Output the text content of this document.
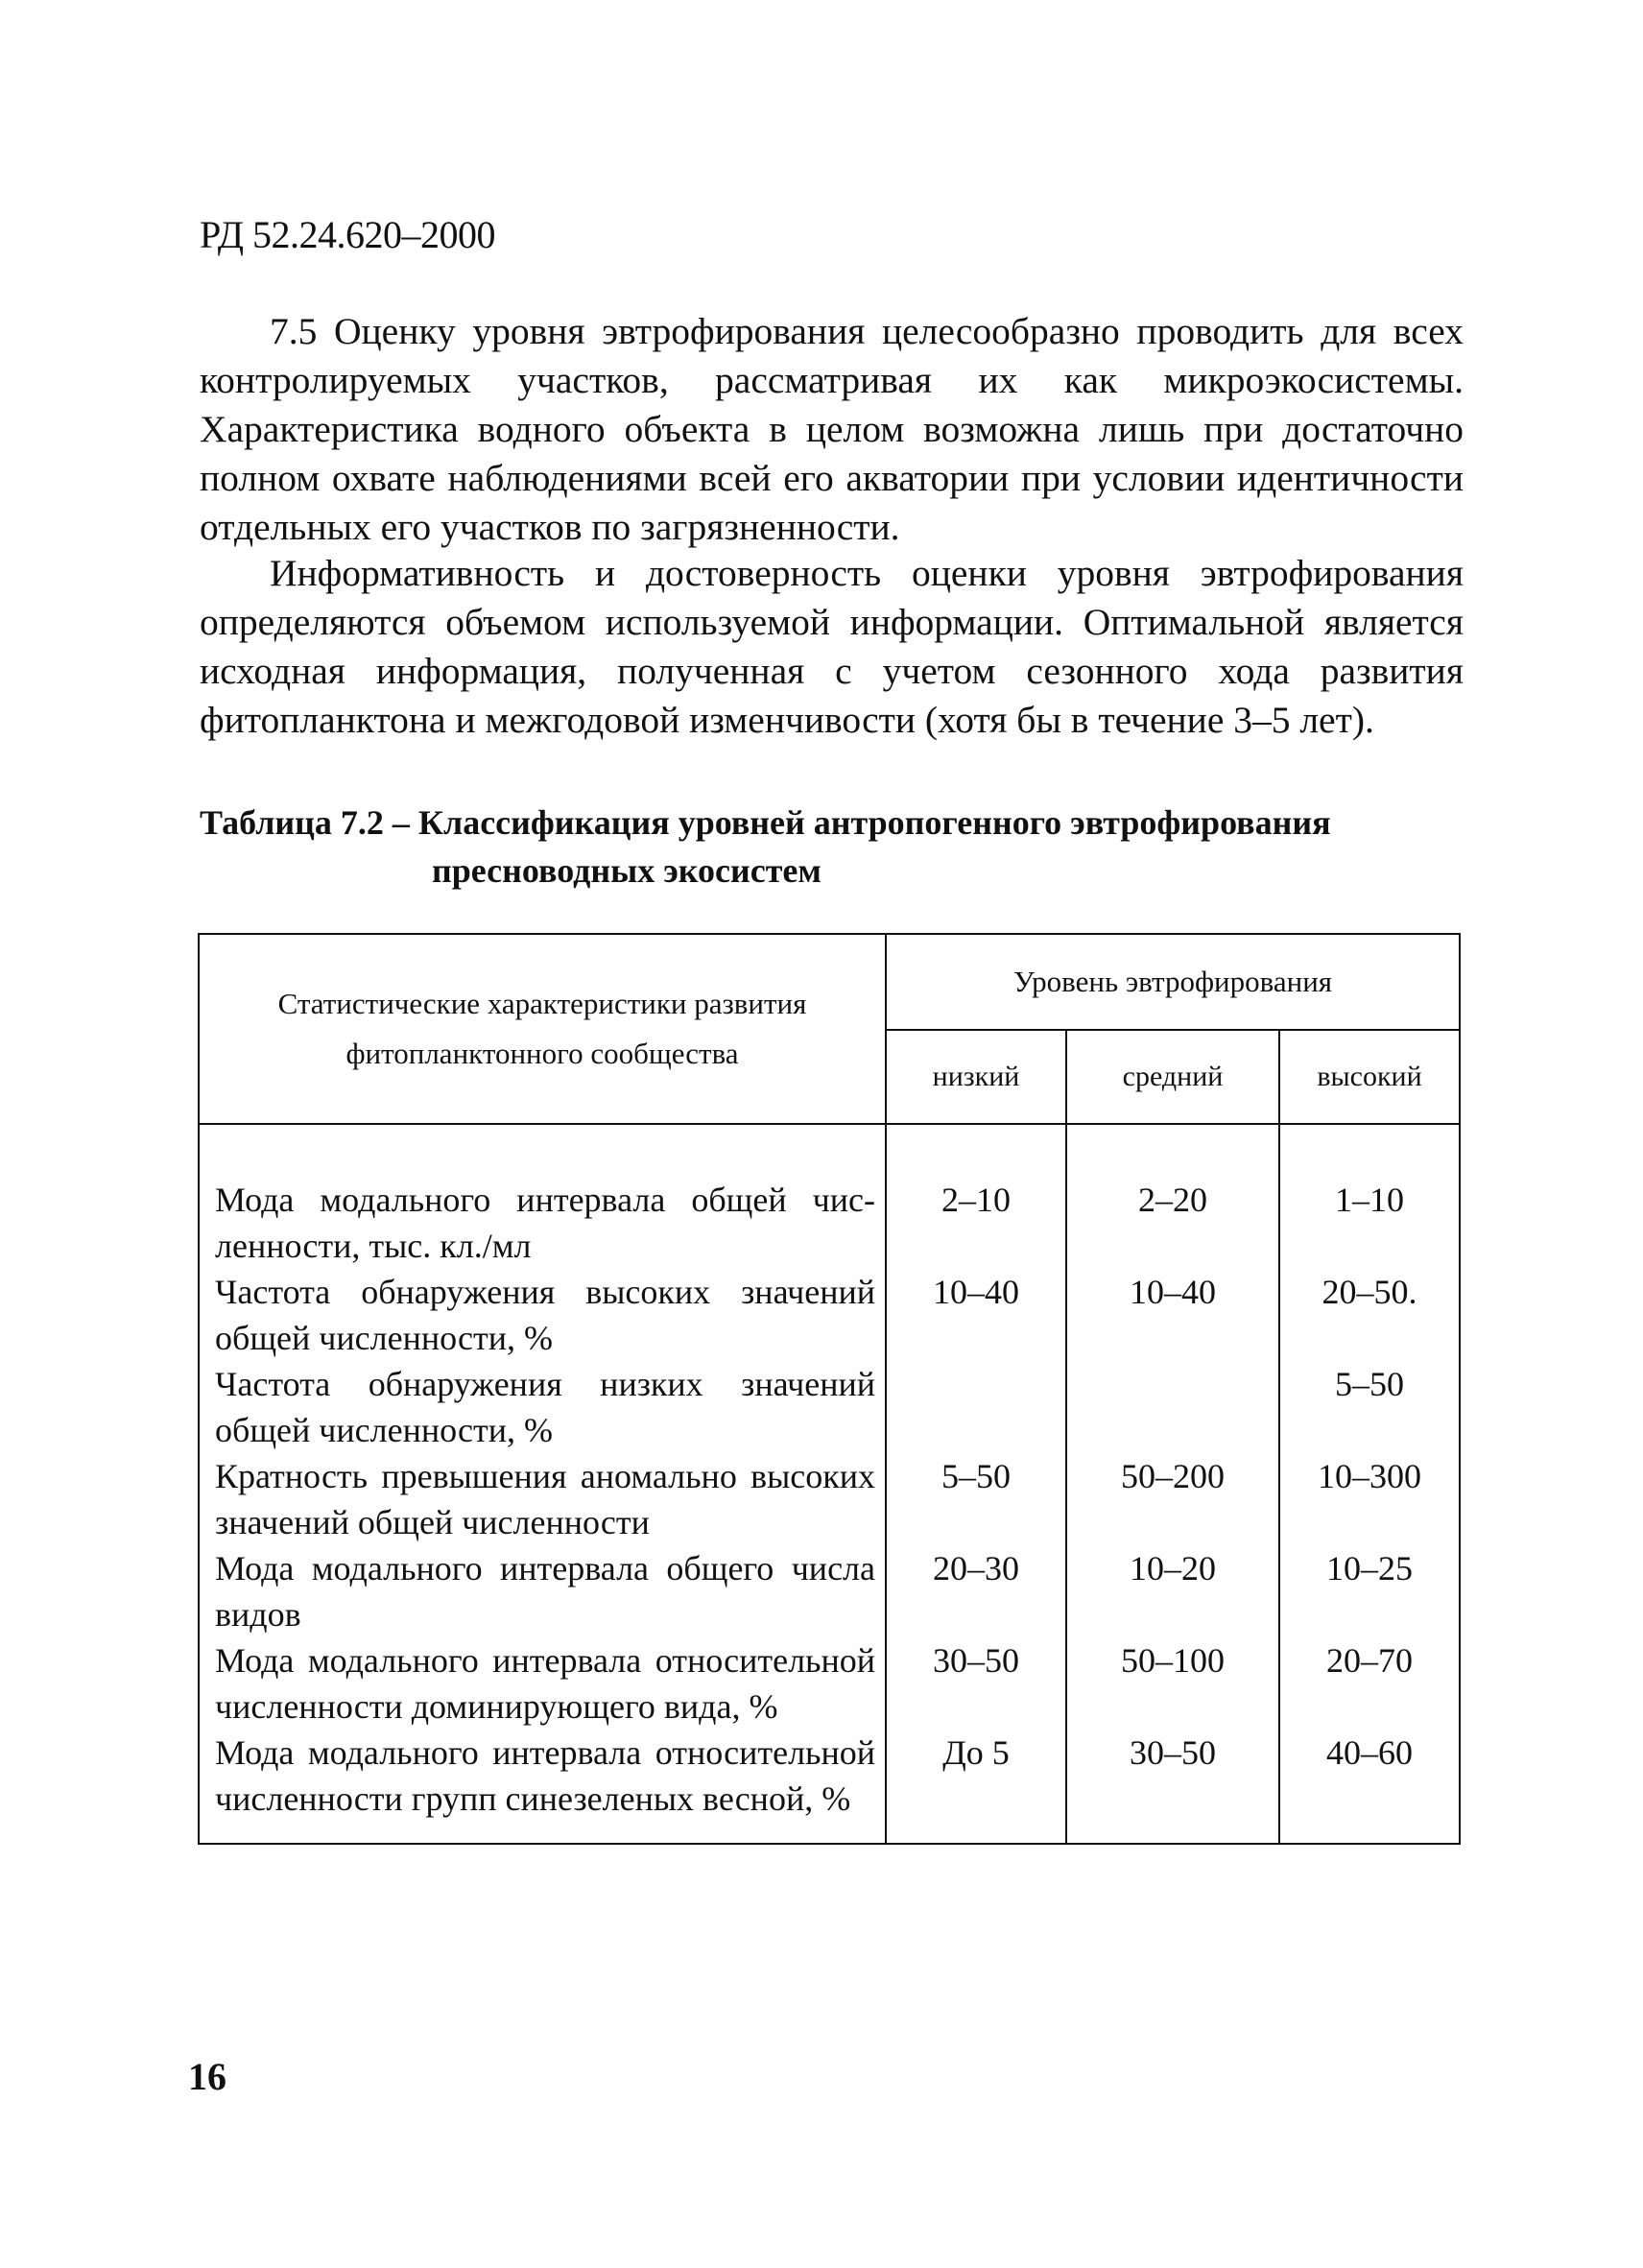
РД 52.24.620–2000

7.5 Оценку уровня эвтрофирования целесообразно проводить для всех контролируемых участков, рассматривая их как микроэкосистемы. Характеристика водного объекта в целом возможна лишь при достаточно полном охвате наблюдениями всей его акватории при условии идентичности отдельных его участков по загрязненности.

Информативность и достоверность оценки уровня эвтрофирования определяются объемом используемой информации. Оптимальной является исходная информация, полученная с учетом сезонного хода развития фитопланктона и межгодовой изменчивости (хотя бы в течение 3–5 лет).

Таблица 7.2 – Классификация уровней антропогенного эвтрофирования
пресноводных экосистем
Статистические характеристики развития фитопланктонного сообщества	Уровень эвтрофирования		
	низкий	средний	высокий
Мода модального интервала общей численности, тыс. кл./мл	2–10	2–20	1–10
Частота обнаружения высоких значений общей численности, %	10–40	10–40	20–50.
Частота обнаружения низких значений общей численности, %			5–50
Кратность превышения аномально высоких значений общей численности	5–50	50–200	10–300
Мода модального интервала общего числа видов	20–30	10–20	10–25
Мода модального интервала относительной численности доминирующего вида, %	30–50	50–100	20–70
Мода модального интервала относительной численности групп синезеленых весной, %	До 5	30–50	40–60
16
